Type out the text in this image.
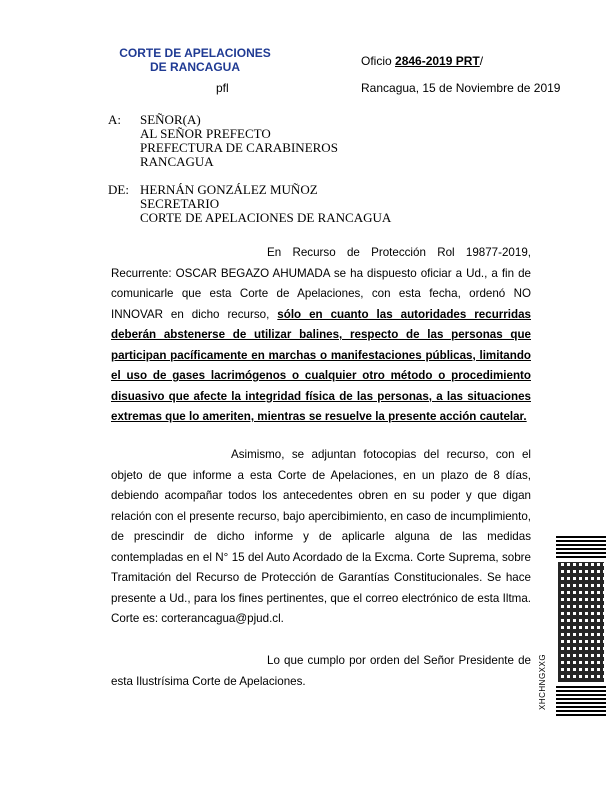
CORTE DE APELACIONES
DE RANCAGUA
pfl
Oficio 2846-2019 PRT/
Rancagua, 15 de Noviembre de 2019
A: SEÑOR(A)
AL SEÑOR PREFECTO
PREFECTURA DE CARABINEROS
RANCAGUA
DE: HERNÁN GONZÁLEZ MUÑOZ
SECRETARIO
CORTE DE APELACIONES DE RANCAGUA
En Recurso de Protección Rol 19877-2019, Recurrente: OSCAR BEGAZO AHUMADA se ha dispuesto oficiar a Ud., a fin de comunicarle que esta Corte de Apelaciones, con esta fecha, ordenó NO INNOVAR en dicho recurso, sólo en cuanto las autoridades recurridas deberán abstenerse de utilizar balines, respecto de las personas que participan pacíficamente en marchas o manifestaciones públicas, limitando el uso de gases lacrimógenos o cualquier otro método o procedimiento disuasivo que afecte la integridad física de las personas, a las situaciones extremas que lo ameriten, mientras se resuelve la presente acción cautelar.
Asimismo, se adjuntan fotocopias del recurso, con el objeto de que informe a esta Corte de Apelaciones, en un plazo de 8 días, debiendo acompañar todos los antecedentes obren en su poder y que digan relación con el presente recurso, bajo apercibimiento, en caso de incumplimiento, de prescindir de dicho informe y de aplicarle alguna de las medidas contempladas en el N° 15 del Auto Acordado de la Excma. Corte Suprema, sobre Tramitación del Recurso de Protección de Garantías Constitucionales. Se hace presente a Ud., para los fines pertinentes, que el correo electrónico de esta Iltma. Corte es: corterancagua@pjud.cl.
Lo que cumplo por orden del Señor Presidente de esta Ilustrísima Corte de Apelaciones.	XHCHNGXXG
